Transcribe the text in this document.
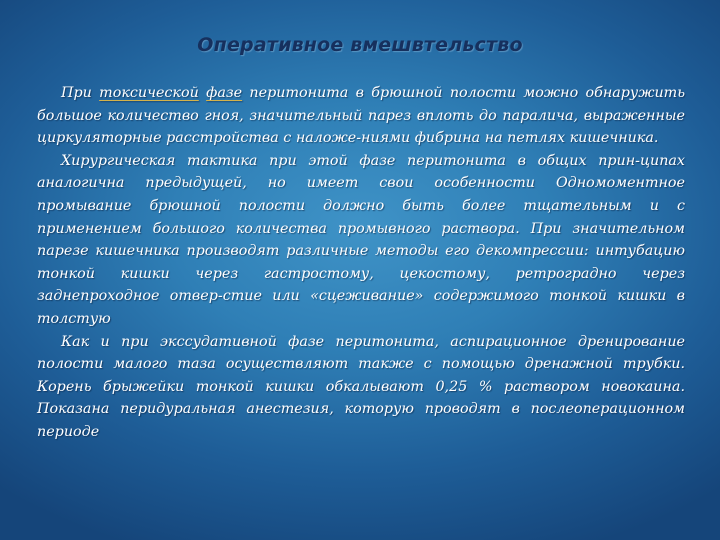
Оперативное вмешвтельство

При токсической фазе перитонита в брюшной полости можно обнаружить большое количество гноя, значительный парез вплоть до паралича, выраженные циркуляторные расстройства с наложе-ниями фибрина на петлях кишечника.

Хирургическая тактика при этой фазе перитонита в общих прин-ципах аналогична предыдущей, но имеет свои особенности Одномоментное промывание брюшной полости должно быть более тщательным и с применением большого количества промывного раствора. При значительном парезе кишечника производят различные методы его декомпрессии: интубацию тонкой кишки через гастростому, цекостому, ретроградно через заднепроходное отвер-стие или «сцеживание» содержимого тонкой кишки в толстую

Как и при экссудативной фазе перитонита, аспирационное дренирование полости малого таза осуществляют также с помощью дренажной трубки. Корень брыжейки тонкой кишки обкалывают 0,25 % раствором новокаина. Показана перидуральная анестезия, которую проводят в послеоперационном периоде
